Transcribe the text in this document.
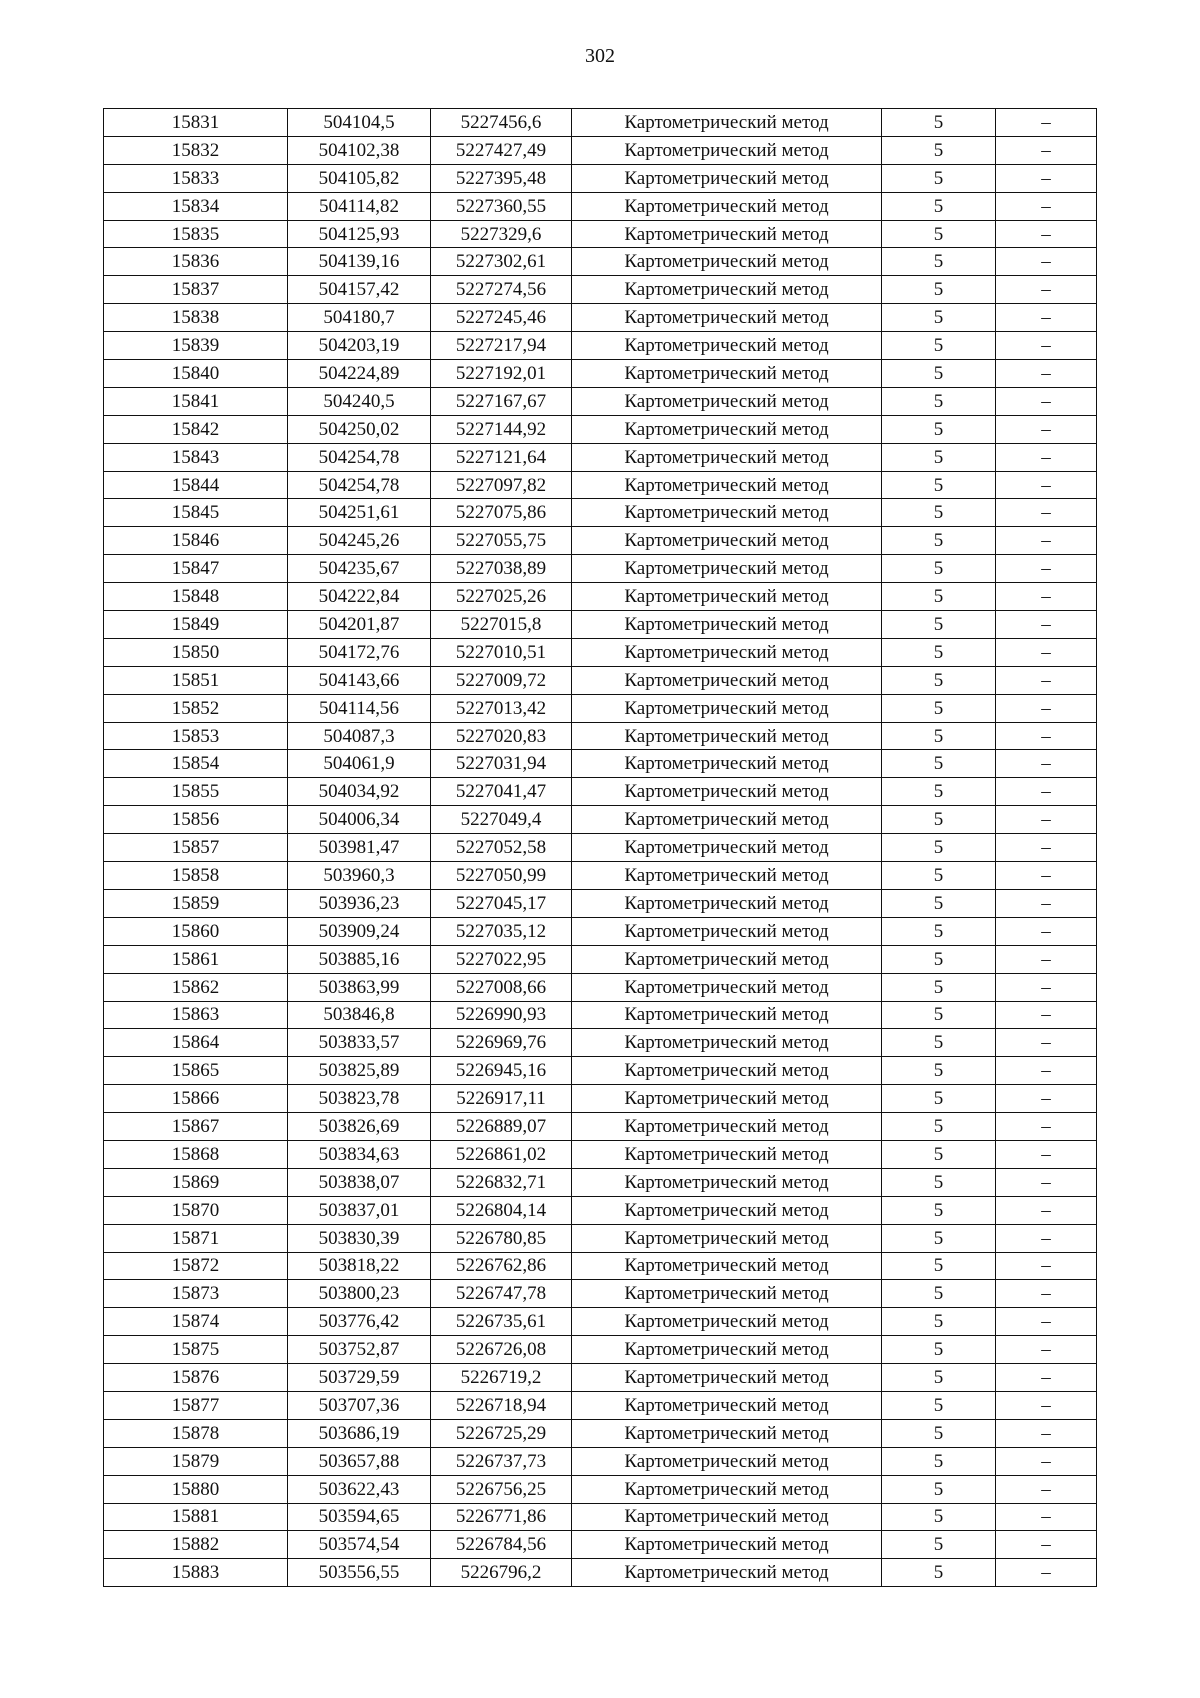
302
15831	504104,5	5227456,6	Картометрический метод	5	–
15832	504102,38	5227427,49	Картометрический метод	5	–
15833	504105,82	5227395,48	Картометрический метод	5	–
15834	504114,82	5227360,55	Картометрический метод	5	–
15835	504125,93	5227329,6	Картометрический метод	5	–
15836	504139,16	5227302,61	Картометрический метод	5	–
15837	504157,42	5227274,56	Картометрический метод	5	–
15838	504180,7	5227245,46	Картометрический метод	5	–
15839	504203,19	5227217,94	Картометрический метод	5	–
15840	504224,89	5227192,01	Картометрический метод	5	–
15841	504240,5	5227167,67	Картометрический метод	5	–
15842	504250,02	5227144,92	Картометрический метод	5	–
15843	504254,78	5227121,64	Картометрический метод	5	–
15844	504254,78	5227097,82	Картометрический метод	5	–
15845	504251,61	5227075,86	Картометрический метод	5	–
15846	504245,26	5227055,75	Картометрический метод	5	–
15847	504235,67	5227038,89	Картометрический метод	5	–
15848	504222,84	5227025,26	Картометрический метод	5	–
15849	504201,87	5227015,8	Картометрический метод	5	–
15850	504172,76	5227010,51	Картометрический метод	5	–
15851	504143,66	5227009,72	Картометрический метод	5	–
15852	504114,56	5227013,42	Картометрический метод	5	–
15853	504087,3	5227020,83	Картометрический метод	5	–
15854	504061,9	5227031,94	Картометрический метод	5	–
15855	504034,92	5227041,47	Картометрический метод	5	–
15856	504006,34	5227049,4	Картометрический метод	5	–
15857	503981,47	5227052,58	Картометрический метод	5	–
15858	503960,3	5227050,99	Картометрический метод	5	–
15859	503936,23	5227045,17	Картометрический метод	5	–
15860	503909,24	5227035,12	Картометрический метод	5	–
15861	503885,16	5227022,95	Картометрический метод	5	–
15862	503863,99	5227008,66	Картометрический метод	5	–
15863	503846,8	5226990,93	Картометрический метод	5	–
15864	503833,57	5226969,76	Картометрический метод	5	–
15865	503825,89	5226945,16	Картометрический метод	5	–
15866	503823,78	5226917,11	Картометрический метод	5	–
15867	503826,69	5226889,07	Картометрический метод	5	–
15868	503834,63	5226861,02	Картометрический метод	5	–
15869	503838,07	5226832,71	Картометрический метод	5	–
15870	503837,01	5226804,14	Картометрический метод	5	–
15871	503830,39	5226780,85	Картометрический метод	5	–
15872	503818,22	5226762,86	Картометрический метод	5	–
15873	503800,23	5226747,78	Картометрический метод	5	–
15874	503776,42	5226735,61	Картометрический метод	5	–
15875	503752,87	5226726,08	Картометрический метод	5	–
15876	503729,59	5226719,2	Картометрический метод	5	–
15877	503707,36	5226718,94	Картометрический метод	5	–
15878	503686,19	5226725,29	Картометрический метод	5	–
15879	503657,88	5226737,73	Картометрический метод	5	–
15880	503622,43	5226756,25	Картометрический метод	5	–
15881	503594,65	5226771,86	Картометрический метод	5	–
15882	503574,54	5226784,56	Картометрический метод	5	–
15883	503556,55	5226796,2	Картометрический метод	5	–
